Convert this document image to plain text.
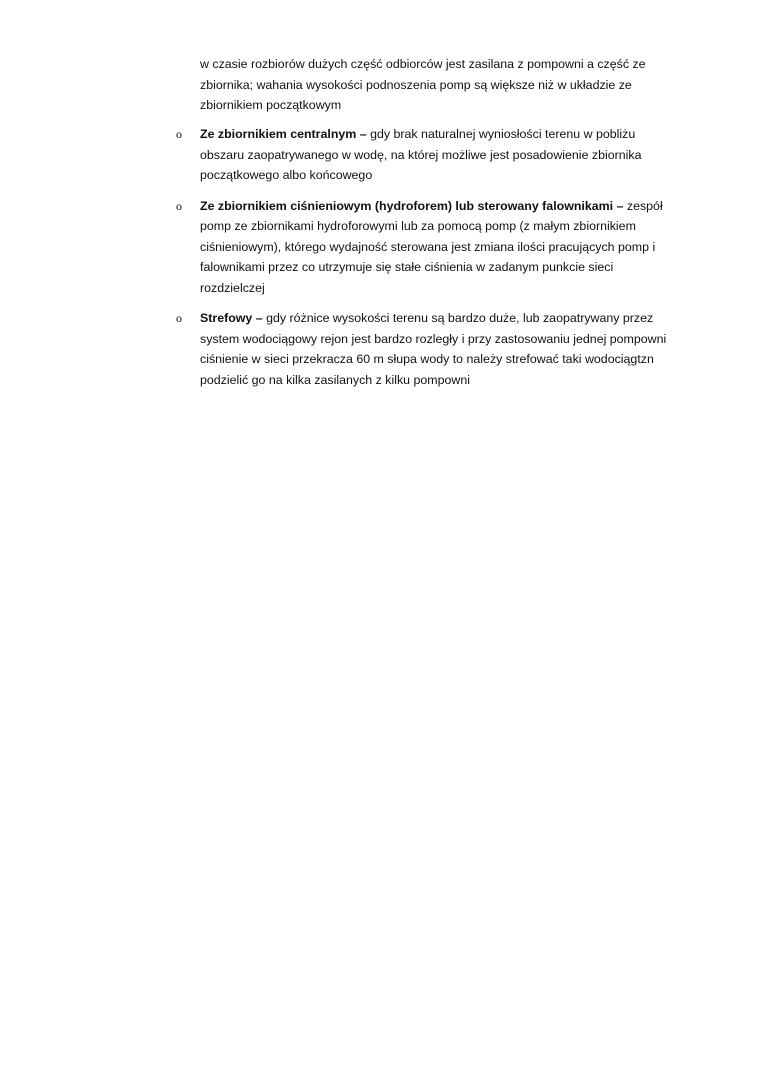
w czasie rozbiorów dużych część odbiorców jest zasilana z pompowni a część ze zbiornika; wahania wysokości podnoszenia pomp są większe niż w układzie ze zbiornikiem początkowym
o Ze zbiornikiem centralnym – gdy brak naturalnej wyniosłości terenu w pobliżu obszaru zaopatrywanego w wodę, na której możliwe jest posadowienie zbiornika początkowego albo końcowego
o Ze zbiornikiem ciśnieniowym (hydroforem) lub sterowany falownikami – zespół pomp ze zbiornikami hydroforowymi lub za pomocą pomp (z małym zbiornikiem ciśnieniowym), którego wydajność sterowana jest zmiana ilości pracujących pomp i falownikami przez co utrzymuje się stałe ciśnienia w zadanym punkcie sieci rozdzielczej
o Strefowy – gdy różnice wysokości terenu są bardzo duże, lub zaopatrywany przez system wodociągowy rejon jest bardzo rozległy i przy zastosowaniu jednej pompowni ciśnienie w sieci przekracza 60 m słupa wody to należy strefować taki wodociągtzn podzielić go na kilka zasilanych z kilku pompowni
